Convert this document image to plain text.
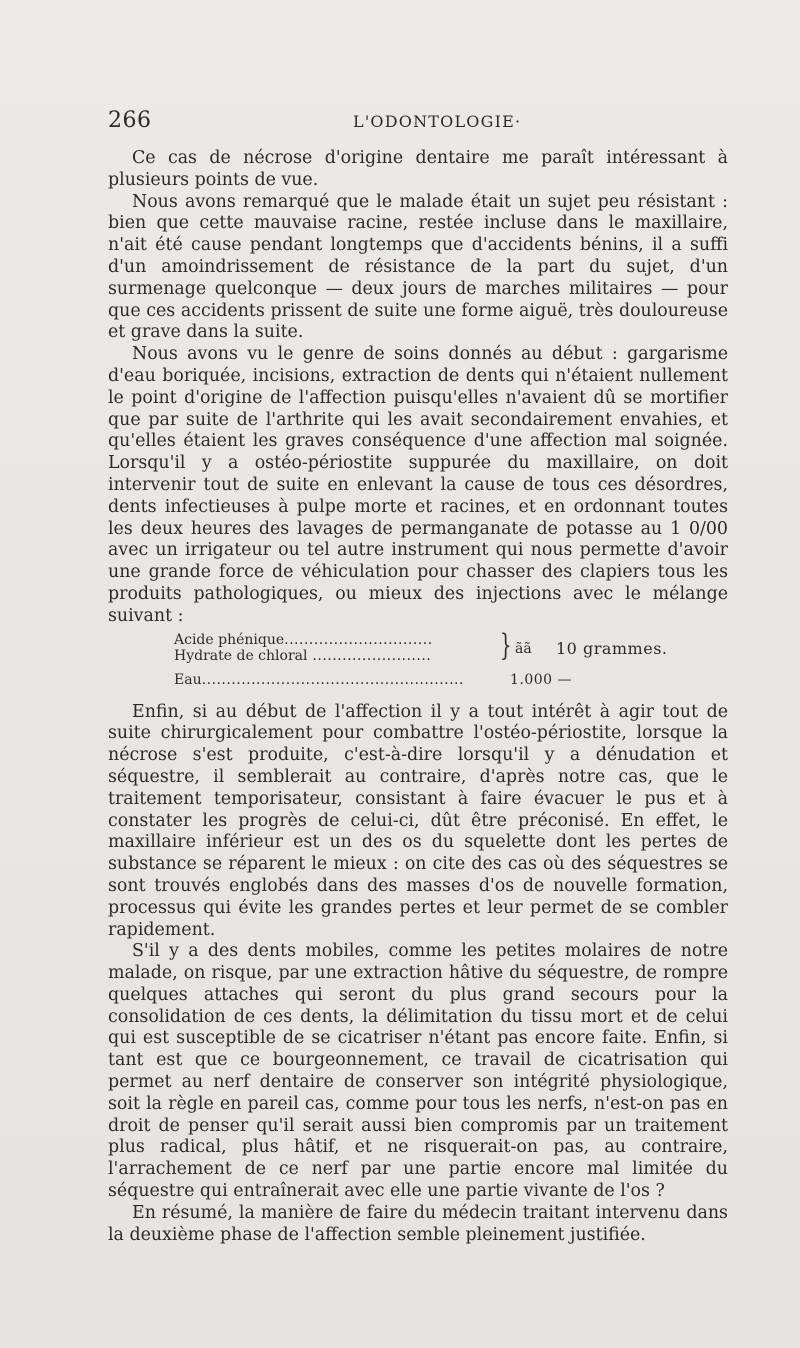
266	L'ODONTOLOGIE·

Ce cas de nécrose d'origine dentaire me paraît intéressant à plusieurs points de vue.

Nous avons remarqué que le malade était un sujet peu résistant : bien que cette mauvaise racine, restée incluse dans le maxillaire, n'ait été cause pendant longtemps que d'accidents bénins, il a suffi d'un amoindrissement de résistance de la part du sujet, d'un surmenage quelconque — deux jours de marches militaires — pour que ces accidents prissent de suite une forme aiguë, très douloureuse et grave dans la suite.

Nous avons vu le genre de soins donnés au début : gargarisme d'eau boriquée, incisions, extraction de dents qui n'étaient nullement le point d'origine de l'affection puisqu'elles n'avaient dû se mortifier que par suite de l'arthrite qui les avait secondairement envahies, et qu'elles étaient les graves conséquence d'une affection mal soignée. Lorsqu'il y a ostéo-périostite suppurée du maxillaire, on doit intervenir tout de suite en enlevant la cause de tous ces désordres, dents infectieuses à pulpe morte et racines, et en ordonnant toutes les deux heures des lavages de permanganate de potasse au 1 0/00 avec un irrigateur ou tel autre instrument qui nous permette d'avoir une grande force de véhiculation pour chasser des clapiers tous les produits pathologiques, ou mieux des injections avec le mélange suivant :

Acide phénique..............................
Hydrate de chloral ........................
Eau.....................................................
} ãã 10 grammes.
1.000 —

Enfin, si au début de l'affection il y a tout intérêt à agir tout de suite chirurgicalement pour combattre l'ostéo-périostite, lorsque la nécrose s'est produite, c'est-à-dire lorsqu'il y a dénudation et séquestre, il semblerait au contraire, d'après notre cas, que le traitement temporisateur, consistant à faire évacuer le pus et à constater les progrès de celui-ci, dût être préconisé. En effet, le maxillaire inférieur est un des os du squelette dont les pertes de substance se réparent le mieux : on cite des cas où des séquestres se sont trouvés englobés dans des masses d'os de nouvelle formation, processus qui évite les grandes pertes et leur permet de se combler rapidement.

S'il y a des dents mobiles, comme les petites molaires de notre malade, on risque, par une extraction hâtive du séquestre, de rompre quelques attaches qui seront du plus grand secours pour la consolidation de ces dents, la délimitation du tissu mort et de celui qui est susceptible de se cicatriser n'étant pas encore faite. Enfin, si tant est que ce bourgeonnement, ce travail de cicatrisation qui permet au nerf dentaire de conserver son intégrité physiologique, soit la règle en pareil cas, comme pour tous les nerfs, n'est-on pas en droit de penser qu'il serait aussi bien compromis par un traitement plus radical, plus hâtif, et ne risquerait-on pas, au contraire, l'arrachement de ce nerf par une partie encore mal limitée du séquestre qui entraînerait avec elle une partie vivante de l'os ?

En résumé, la manière de faire du médecin traitant intervenu dans la deuxième phase de l'affection semble pleinement justifiée.
